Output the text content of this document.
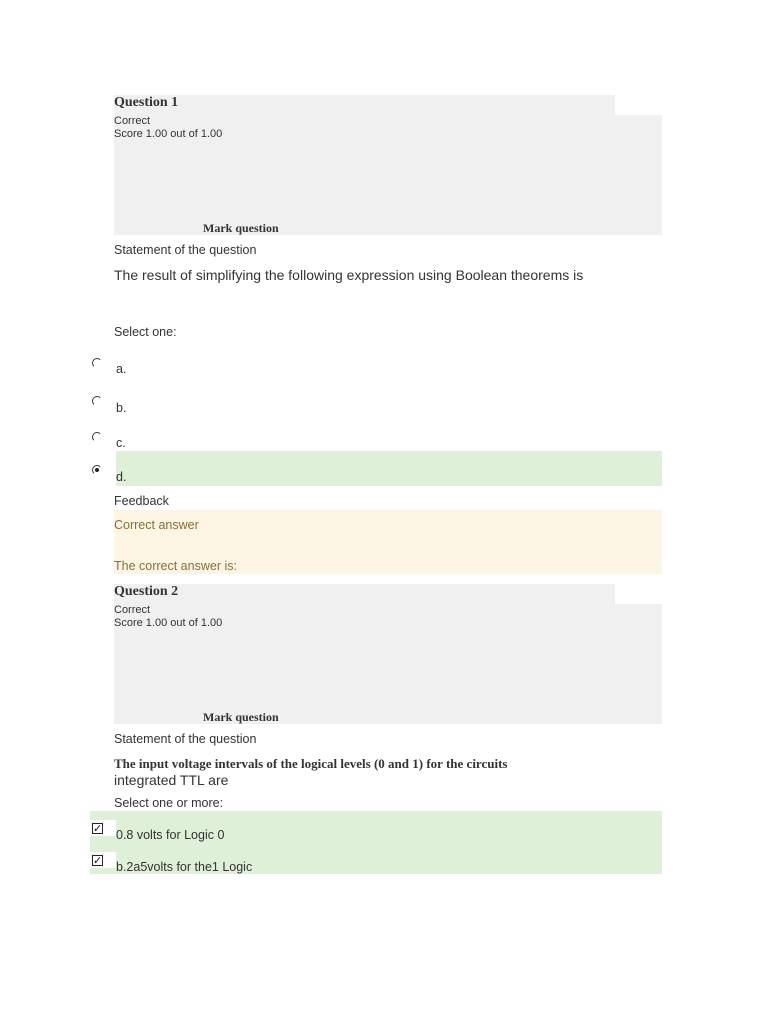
Question 1
Correct
Score 1.00 out of 1.00
Mark question
Statement of the question
The result of simplifying the following expression using Boolean theorems is
Select one:
a.
b.
c.
d.
Feedback
Correct answer
The correct answer is:
Question 2
Correct
Score 1.00 out of 1.00
Mark question
Statement of the question
The input voltage intervals of the logical levels (0 and 1) for the circuits
integrated TTL are
Select one or more:
✓ 0.8 volts for Logic 0
✓ b.2a5volts for the1 Logic
